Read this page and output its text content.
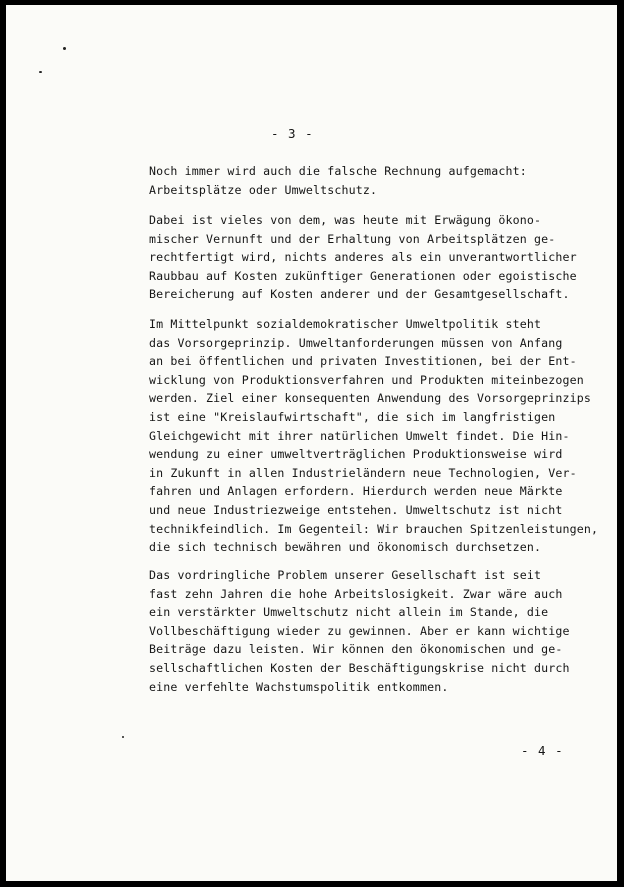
- 3 -

Noch immer wird auch die falsche Rechnung aufgemacht:
Arbeitsplätze oder Umweltschutz.

Dabei ist vieles von dem, was heute mit Erwägung ökono-
mischer Vernunft und der Erhaltung von Arbeitsplätzen ge-
rechtfertigt wird, nichts anderes als ein unverantwortlicher
Raubbau auf Kosten zukünftiger Generationen oder egoistische
Bereicherung auf Kosten anderer und der Gesamtgesellschaft.

Im Mittelpunkt sozialdemokratischer Umweltpolitik steht
das Vorsorgeprinzip. Umweltanforderungen müssen von Anfang
an bei öffentlichen und privaten Investitionen, bei der Ent-
wicklung von Produktionsverfahren und Produkten miteinbezogen
werden. Ziel einer konsequenten Anwendung des Vorsorgeprinzips
ist eine "Kreislaufwirtschaft", die sich im langfristigen
Gleichgewicht mit ihrer natürlichen Umwelt findet. Die Hin-
wendung zu einer umweltverträglichen Produktionsweise wird
in Zukunft in allen Industrieländern neue Technologien, Ver-
fahren und Anlagen erfordern. Hierdurch werden neue Märkte
und neue Industriezweige entstehen. Umweltschutz ist nicht
technikfeindlich. Im Gegenteil: Wir brauchen Spitzenleistungen,
die sich technisch bewähren und ökonomisch durchsetzen.

Das vordringliche Problem unserer Gesellschaft ist seit
fast zehn Jahren die hohe Arbeitslosigkeit. Zwar wäre auch
ein verstärkter Umweltschutz nicht allein im Stande, die
Vollbeschäftigung wieder zu gewinnen. Aber er kann wichtige
Beiträge dazu leisten. Wir können den ökonomischen und ge-
sellschaftlichen Kosten der Beschäftigungskrise nicht durch
eine verfehlte Wachstumspolitik entkommen.

- 4 -
